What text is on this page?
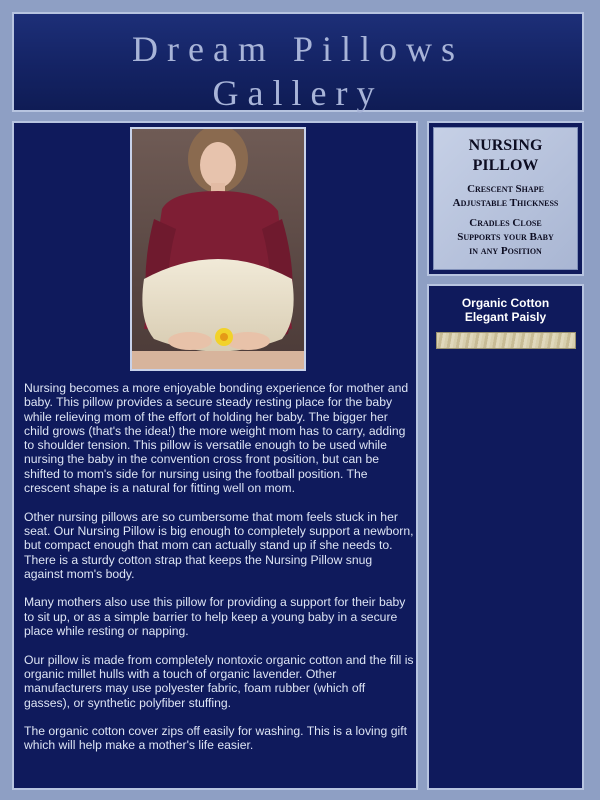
Dream Pillows
Gallery

Nursing becomes a more enjoyable bonding experience for mother and baby. This pillow provides a secure steady resting place for the baby while relieving mom of the effort of holding her baby. The bigger her child grows (that's the idea!) the more weight mom has to carry, adding to shoulder tension. This pillow is versatile enough to be used while nursing the baby in the convention cross front position, but can be shifted to mom's side for nursing using the football position. The crescent shape is a natural for fitting well on mom.

Other nursing pillows are so cumbersome that mom feels stuck in her seat. Our Nursing Pillow is big enough to completely support a newborn, but compact enough that mom can actually stand up if she needs to. There is a sturdy cotton strap that keeps the Nursing Pillow snug against mom's body.

Many mothers also use this pillow for providing a support for their baby to sit up, or as a simple barrier to help keep a young baby in a secure place while resting or napping.

Our pillow is made from completely nontoxic organic cotton and the fill is organic millet hulls with a touch of organic lavender. Other manufacturers may use polyester fabric, foam rubber (which off gasses), or synthetic polyfiber stuffing.

The organic cotton cover zips off easily for washing. This is a loving gift which will help make a mother's life easier.

NURSING
PILLOW
Crescent Shape
Adjustable Thickness
Cradles Close
Supports your Baby
in any Position
Organic Cotton
Elegant Paisly
